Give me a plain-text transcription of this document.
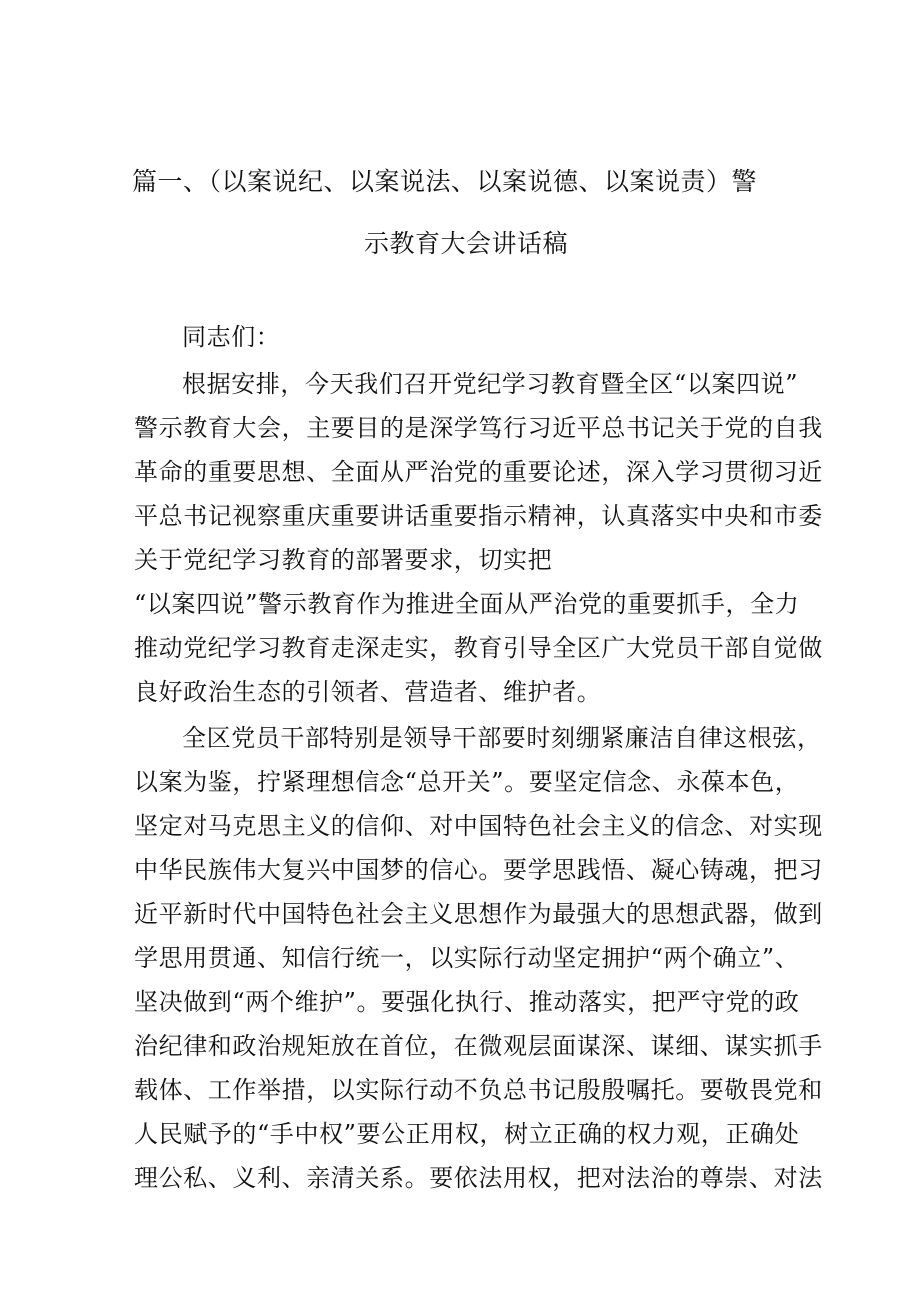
篇一、（以案说纪、以案说法、以案说德、以案说责）警
示教育大会讲话稿
同志们：
根据安排，今天我们召开党纪学习教育暨全区“以案四说”
警示教育大会，主要目的是深学笃行习近平总书记关于党的自我
革命的重要思想、全面从严治党的重要论述，深入学习贯彻习近
平总书记视察重庆重要讲话重要指示精神，认真落实中央和市委
关于党纪学习教育的部署要求，切实把
“以案四说”警示教育作为推进全面从严治党的重要抓手，全力
推动党纪学习教育走深走实，教育引导全区广大党员干部自觉做
良好政治生态的引领者、营造者、维护者。
全区党员干部特别是领导干部要时刻绷紧廉洁自律这根弦，
以案为鉴，拧紧理想信念“总开关”。要坚定信念、永葆本色，
坚定对马克思主义的信仰、对中国特色社会主义的信念、对实现
中华民族伟大复兴中国梦的信心。要学思践悟、凝心铸魂，把习
近平新时代中国特色社会主义思想作为最强大的思想武器，做到
学思用贯通、知信行统一，以实际行动坚定拥护“两个确立”、
坚决做到“两个维护”。要强化执行、推动落实，把严守党的政
治纪律和政治规矩放在首位，在微观层面谋深、谋细、谋实抓手
载体、工作举措，以实际行动不负总书记殷殷嘱托。要敬畏党和
人民赋予的“手中权”要公正用权，树立正确的权力观，正确处
理公私、义利、亲清关系。要依法用权，把对法治的尊崇、对法
